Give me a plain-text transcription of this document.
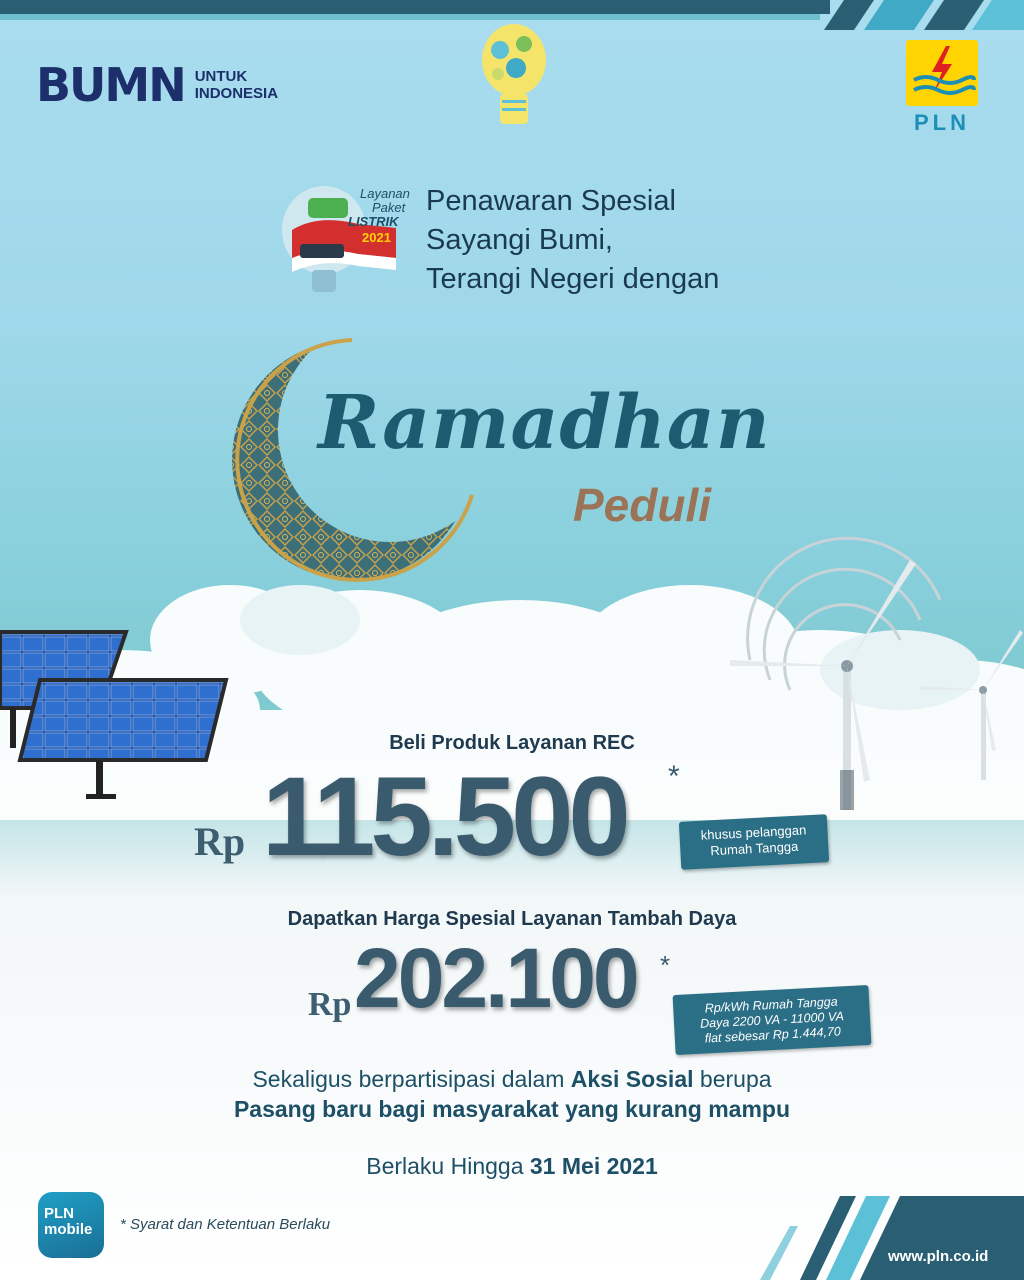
BUMN UNTUK
INDONESIA
PLN
Layanan
Paket
LISTRIK
2021
Penawaran Spesial
Sayangi Bumi,
Terangi Negeri dengan
Ramadhan
Peduli
Beli Produk Layanan REC
Rp 115.500 *
khusus pelanggan
Rumah Tangga
Dapatkan Harga Spesial Layanan Tambah Daya
Rp 202.100 *
Rp/kWh Rumah Tangga
Daya 2200 VA - 11000 VA
flat sebesar Rp 1.444,70
Sekaligus berpartisipasi dalam Aksi Sosial berupa
Pasang baru bagi masyarakat yang kurang mampu
Berlaku Hingga 31 Mei 2021
PLN
mobile	* Syarat dan Ketentuan Berlaku
www.pln.co.id
